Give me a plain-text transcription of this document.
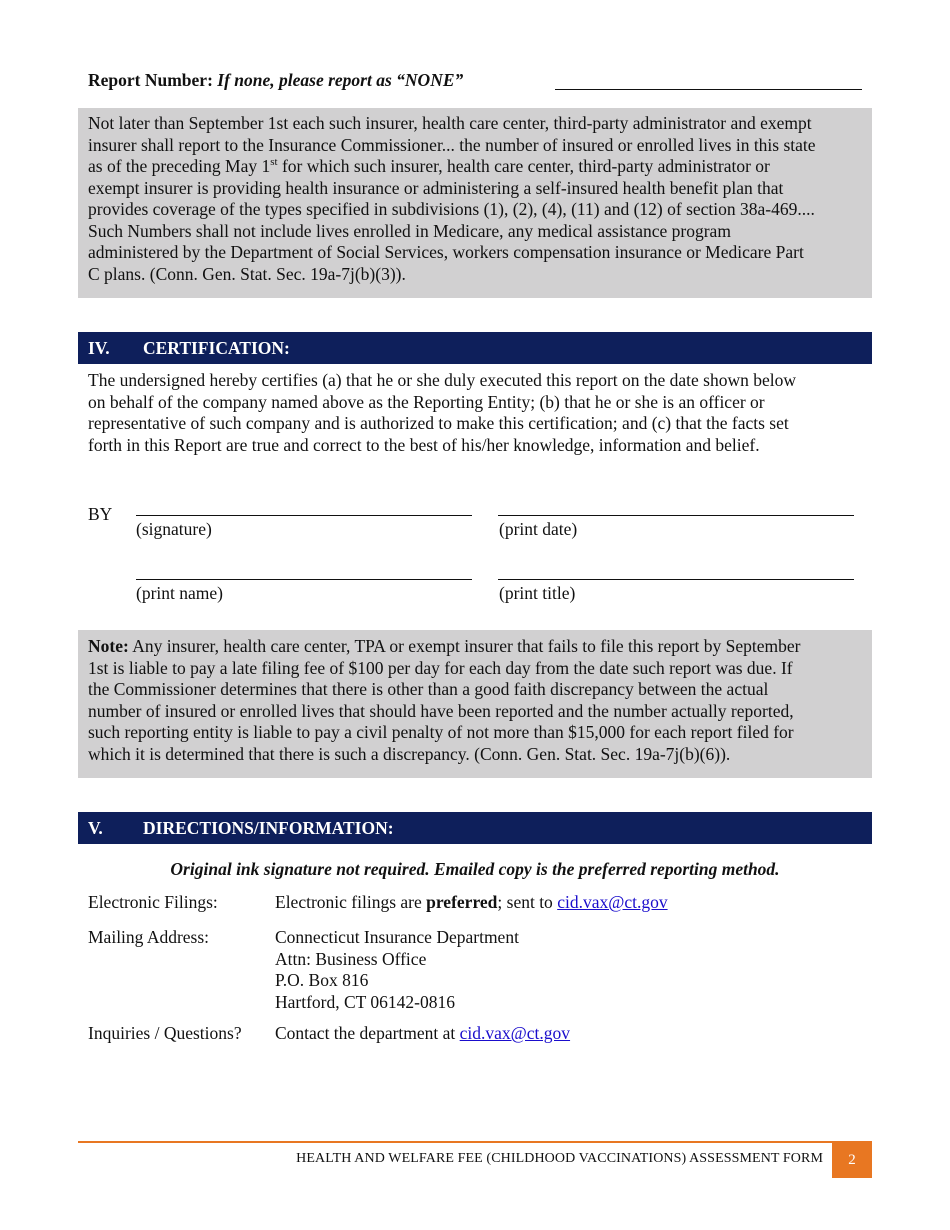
Report Number: If none, please report as “NONE”
Not later than September 1st each such insurer, health care center, third-party administrator and exempt
insurer shall report to the Insurance Commissioner... the number of insured or enrolled lives in this state
as of the preceding May 1st for which such insurer, health care center, third-party administrator or
exempt insurer is providing health insurance or administering a self-insured health benefit plan that
provides coverage of the types specified in subdivisions (1), (2), (4), (11) and (12) of section 38a-469....
Such Numbers shall not include lives enrolled in Medicare, any medical assistance program
administered by the Department of Social Services, workers compensation insurance or Medicare Part
C plans. (Conn. Gen. Stat. Sec. 19a-7j(b)(3)).
IV. CERTIFICATION:
The undersigned hereby certifies (a) that he or she duly executed this report on the date shown below
on behalf of the company named above as the Reporting Entity; (b) that he or she is an officer or
representative of such company and is authorized to make this certification; and (c) that the facts set
forth in this Report are true and correct to the best of his/her knowledge, information and belief.
BY
(signature)	(print date)
(print name)	(print title)
Note: Any insurer, health care center, TPA or exempt insurer that fails to file this report by September
1st is liable to pay a late filing fee of $100 per day for each day from the date such report was due. If
the Commissioner determines that there is other than a good faith discrepancy between the actual
number of insured or enrolled lives that should have been reported and the number actually reported,
such reporting entity is liable to pay a civil penalty of not more than $15,000 for each report filed for
which it is determined that there is such a discrepancy. (Conn. Gen. Stat. Sec. 19a-7j(b)(6)).
V. DIRECTIONS/INFORMATION:
Original ink signature not required. Emailed copy is the preferred reporting method.
Electronic Filings:	Electronic filings are preferred; sent to cid.vax@ct.gov
Mailing Address:	Connecticut Insurance Department
Attn: Business Office
P.O. Box 816
Hartford, CT 06142-0816
Inquiries / Questions? Contact the department at cid.vax@ct.gov
HEALTH AND WELFARE FEE (CHILDHOOD VACCINATIONS) ASSESSMENT FORM	2
